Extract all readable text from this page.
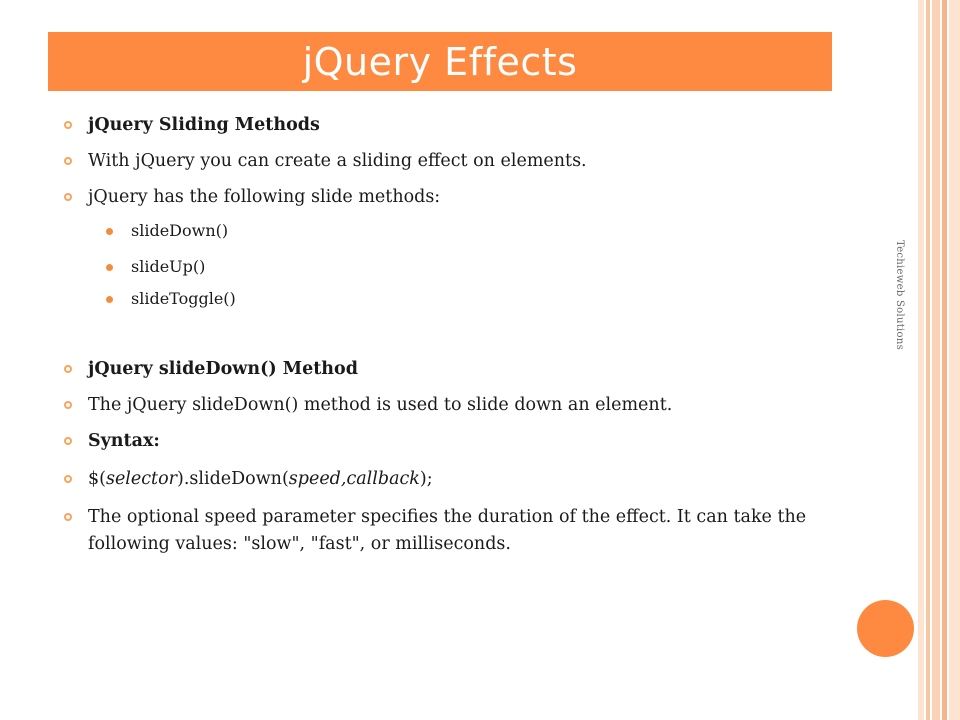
jQuery Effects
jQuery Sliding Methods
With jQuery you can create a sliding effect on elements.
jQuery has the following slide methods:
slideDown()
slideUp()
slideToggle()
jQuery slideDown() Method
The jQuery slideDown() method is used to slide down an element.
Syntax:
$(selector).slideDown(speed,callback);
The optional speed parameter specifies the duration of the effect. It can take the following values: "slow", "fast", or milliseconds.
Techieweb Solutions
